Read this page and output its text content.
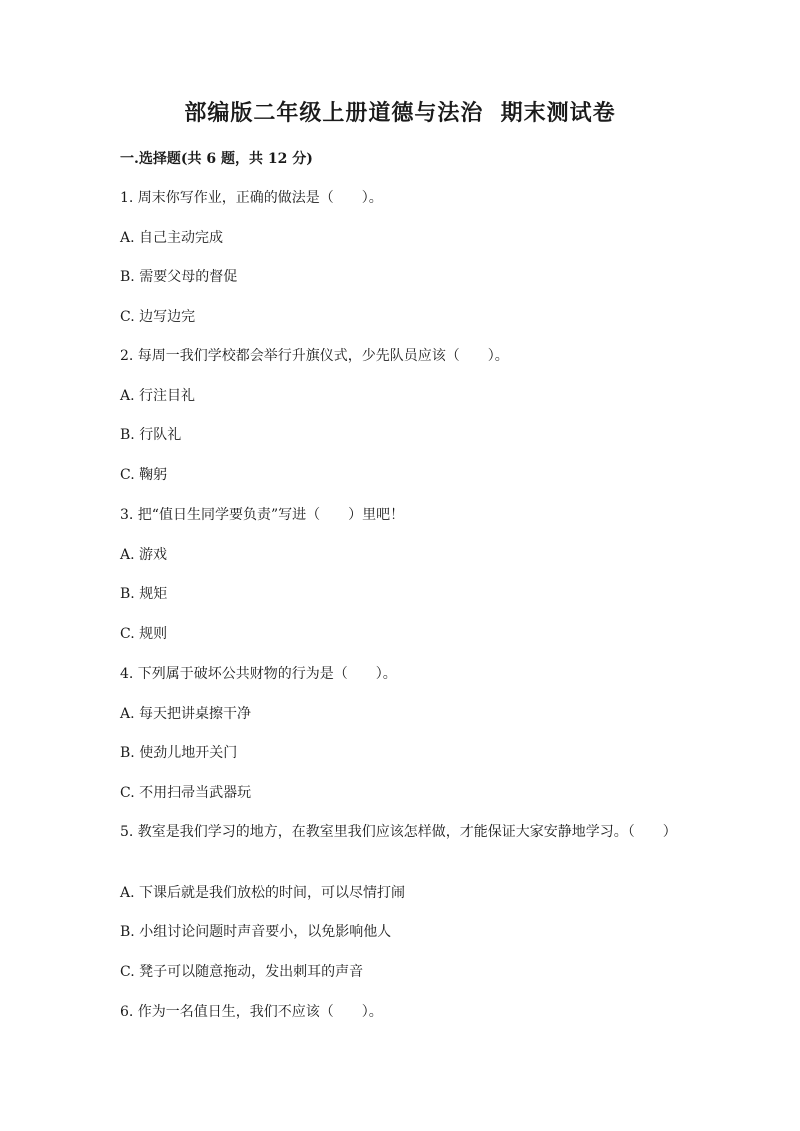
部编版二年级上册道德与法治  期末测试卷
一.选择题(共 6 题，共 12 分)
1. 周末你写作业，正确的做法是（　　）。
A. 自己主动完成
B. 需要父母的督促
C. 边写边完
2. 每周一我们学校都会举行升旗仪式，少先队员应该（　　）。
A. 行注目礼
B. 行队礼
C. 鞠躬
3. 把“值日生同学要负责”写进（　　）里吧！
A. 游戏
B. 规矩
C. 规则
4. 下列属于破坏公共财物的行为是（　　）。
A. 每天把讲桌擦干净
B. 使劲儿地开关门
C. 不用扫帚当武器玩
5. 教室是我们学习的地方，在教室里我们应该怎样做，才能保证大家安静地学习。（　　）
A. 下课后就是我们放松的时间，可以尽情打闹
B. 小组讨论问题时声音要小，以免影响他人
C. 凳子可以随意拖动，发出刺耳的声音
6. 作为一名值日生，我们不应该（　　）。
